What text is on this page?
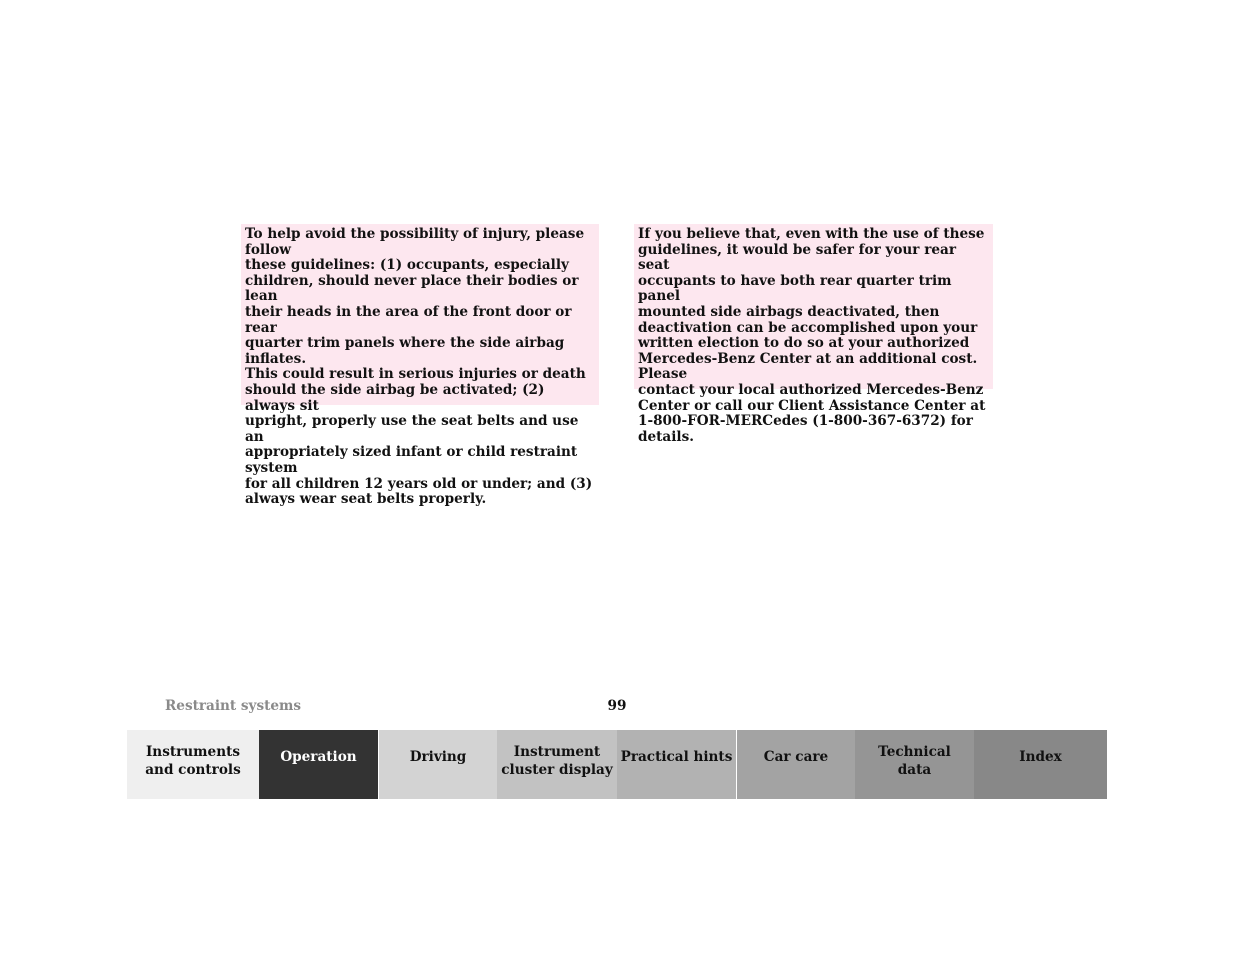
To help avoid the possibility of injury, please follow
these guidelines: (1) occupants, especially
children, should never place their bodies or lean
their heads in the area of the front door or rear
quarter trim panels where the side airbag inflates.
This could result in serious injuries or death
should the side airbag be activated; (2) always sit
upright, properly use the seat belts and use an
appropriately sized infant or child restraint system
for all children 12 years old or under; and (3)
always wear seat belts properly.
If you believe that, even with the use of these
guidelines, it would be safer for your rear seat
occupants to have both rear quarter trim panel
mounted side airbags deactivated, then
deactivation can be accomplished upon your
written election to do so at your authorized
Mercedes-Benz Center at an additional cost. Please
contact your local authorized Mercedes-Benz
Center or call our Client Assistance Center at
1-800-FOR-MERCedes (1-800-367-6372) for details.
Restraint systems	99
Instruments
and controls
Operation	Driving	Instrument
cluster display
Practical hints Car care	Technical
data
Index
